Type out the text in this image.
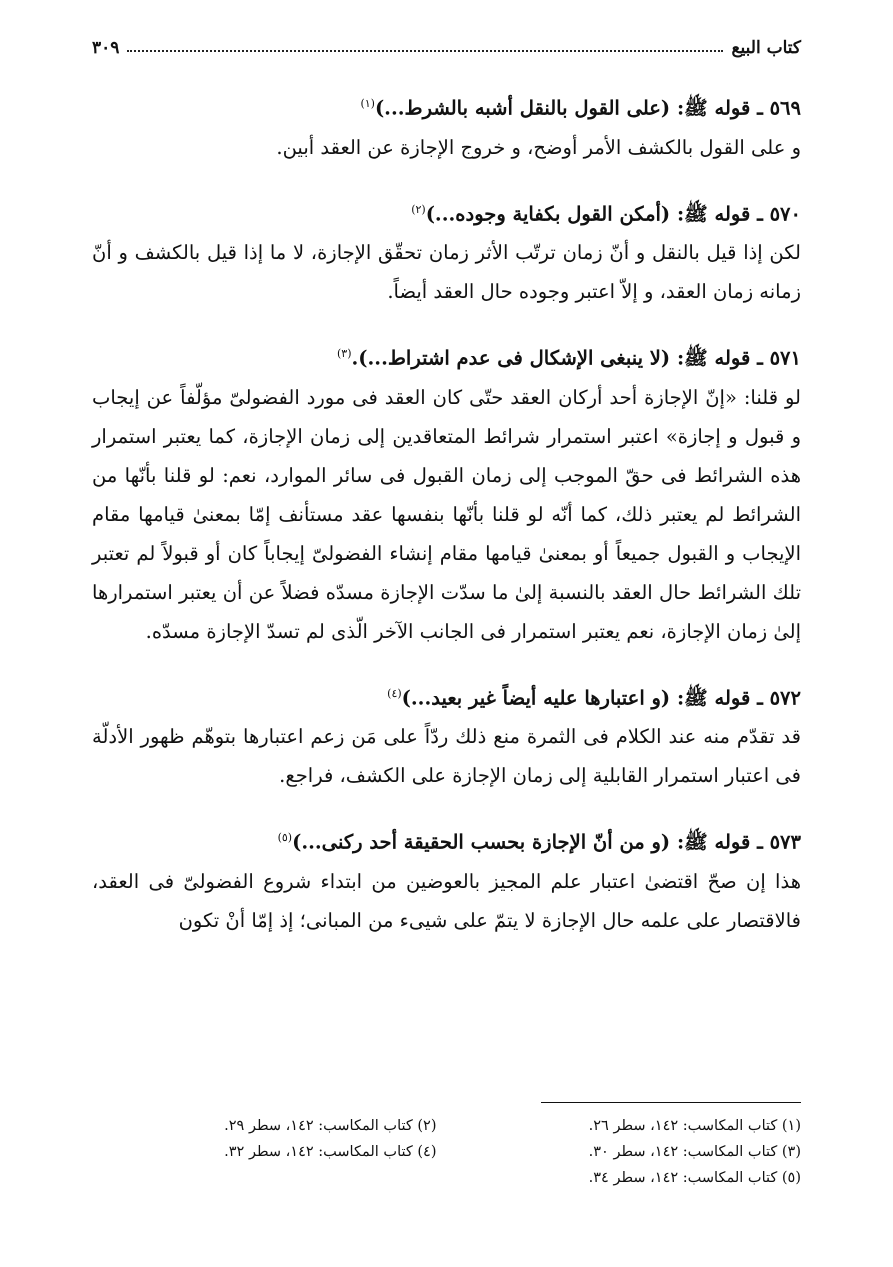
كتاب البيع
٣٠٩
٥٦٩ ـ قوله ﷺ: (على القول بالنقل أشبه بالشرط...)$^{(١)}$

و على القول بالكشف الأمر أوضح، و خروج الإجازة عن العقد أبين.

٥٧٠ ـ قوله ﷺ: (أمكن القول بكفاية وجوده...)$^{(٢)}$

لكن إذا قيل بالنقل و أنّ زمان ترتّب الأثر زمان تحقّق الإجازة، لا ما إذا قيل بالكشف و أنّ زمانه زمان العقد، و إلاّ اعتبر وجوده حال العقد أيضاً.

٥٧١ ـ قوله ﷺ: (لا ينبغى الإشكال فى عدم اشتراط...).$^{(٣)}$

لو قلنا: «إنّ الإجازة أحد أركان العقد حتّى كان العقد فى مورد الفضولىّ مؤلّفاً عن إيجاب و قبول و إجازة» اعتبر استمرار شرائط المتعاقدين إلى زمان الإجازة، كما يعتبر استمرار هذه الشرائط فى حقّ الموجب إلى زمان القبول فى سائر الموارد، نعم: لو قلنا بأنّها من الشرائط لم يعتبر ذلك، كما أنّه لو قلنا بأنّها بنفسها عقد مستأنف إمّا بمعنىٰ قيامها مقام الإيجاب و القبول جميعاً أو بمعنىٰ قيامها مقام إنشاء الفضولىّ إيجاباً كان أو قبولاً لم تعتبر تلك الشرائط حال العقد بالنسبة إلىٰ ما سدّت الإجازة مسدّه فضلاً عن أن يعتبر استمرارها إلىٰ زمان الإجازة، نعم يعتبر استمرار فى الجانب الآخر الّذى لم تسدّ الإجازة مسدّه.

٥٧٢ ـ قوله ﷺ: (و اعتبارها عليه أيضاً غير بعيد...)$^{(٤)}$

قد تقدّم منه عند الكلام فى الثمرة منع ذلك ردّاً على مَن زعم اعتبارها بتوهّم ظهور الأدلّة فى اعتبار استمرار القابلية إلى زمان الإجازة على الكشف، فراجع.

٥٧٣ ـ قوله ﷺ: (و من أنّ الإجازة بحسب الحقيقة أحد ركنى...)$^{(٥)}$

هذا إن صحّ اقتضىٰ اعتبار علم المجيز بالعوضين من ابتداء شروع الفضولىّ فى العقد، فالاقتصار على علمه حال الإجازة لا يتمّ على شيىء من المبانى؛ إذ إمّا أنْ تكون

(١) كتاب المكاسب: ١٤٢، سطر ٢٦.
(٢) كتاب المكاسب: ١٤٢، سطر ٢٩.
(٣) كتاب المكاسب: ١٤٢، سطر ٣٠.
(٤) كتاب المكاسب: ١٤٢، سطر ٣٢.
(٥) كتاب المكاسب: ١٤٢، سطر ٣٤.
